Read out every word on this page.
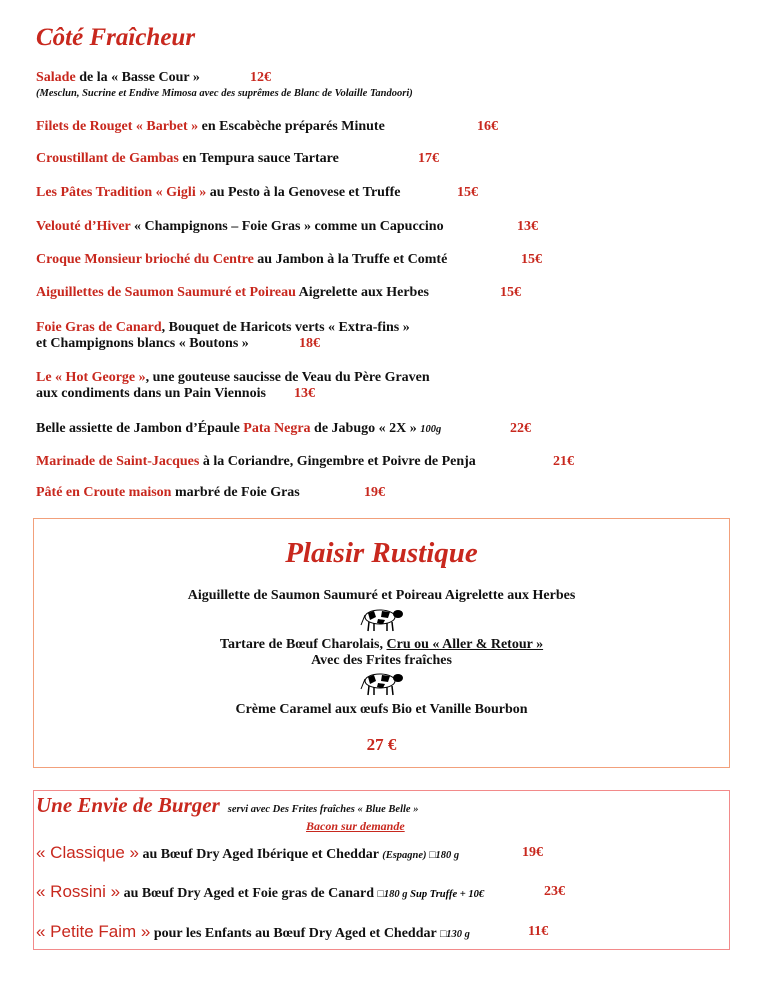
Côté Fraîcheur
Salade de la « Basse Cour »	12€
(Mesclun, Sucrine et Endive Mimosa avec des suprêmes de Blanc de Volaille Tandoori)
Filets de Rouget « Barbet » en Escabèche préparés Minute	16€
Croustillant de Gambas en Tempura sauce Tartare	17€
Les Pâtes Tradition « Gigli » au Pesto à la Genovese et Truffe	15€
Velouté d’Hiver « Champignons – Foie Gras » comme un Capuccino	13€
Croque Monsieur brioché du Centre au Jambon à la Truffe et Comté	15€
Aiguillettes de Saumon Saumuré et Poireau Aigrelette aux Herbes	15€
Foie Gras de Canard, Bouquet de Haricots verts « Extra-fins »
et Champignons blancs « Boutons »	18€
Le « Hot George », une gouteuse saucisse de Veau du Père Graven
aux condiments dans un Pain Viennois 13€
Belle assiette de Jambon d’Épaule Pata Negra de Jabugo « 2X » 100g	22€
Marinade de Saint-Jacques à la Coriandre, Gingembre et Poivre de Penja	21€
Pâté en Croute maison marbré de Foie Gras	19€
Plaisir Rustique
Aiguillette de Saumon Saumuré et Poireau Aigrelette aux Herbes
Tartare de Bœuf Charolais, Cru ou « Aller & Retour »
Avec des Frites fraîches
Crème Caramel aux œufs Bio et Vanille Bourbon
27 €
Une Envie de Burger servi avec Des Frites fraîches « Blue Belle »
Bacon sur demande
« Classique » au Bœuf Dry Aged Ibérique et Cheddar (Espagne) □180 g	19€
« Rossini » au Bœuf Dry Aged et Foie gras de Canard □180 g Sup Truffe + 10€	23€
« Petite Faim » pour les Enfants au Bœuf Dry Aged et Cheddar □130 g	11€
